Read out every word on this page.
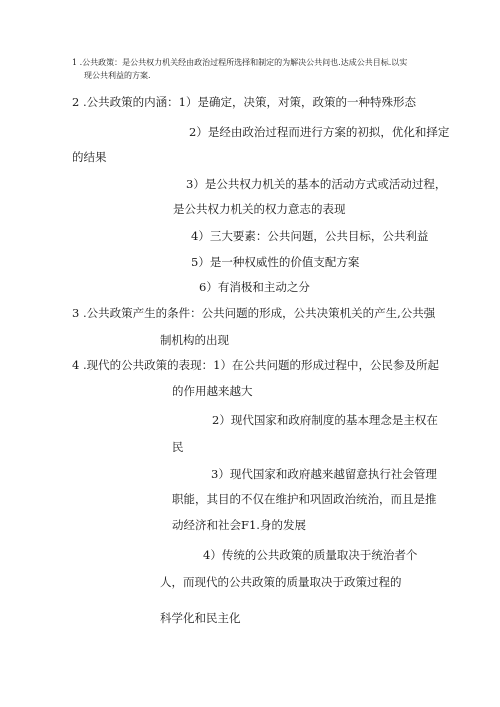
1 .公共政策：是公共权力机关经由政治过程所选择和制定的为解决公共问也.达成公共目标.以实
现公共利益的方案.
2 .公共政策的内涵：1）是确定，决策，对策，政策的一种特殊形态
2）是经由政治过程而进行方案的初拟，优化和择定
的结果
3）是公共权力机关的基本的活动方式或活动过程，
是公共权力机关的权力意志的表现
4）三大要素：公共问题，公共目标，公共利益
5）是一种权威性的价值支配方案
6）有消极和主动之分
3 .公共政策产生的条件：公共问题的形成，公共决策机关的产生,公共强
制机构的出现
4 .现代的公共政策的表现：1）在公共问题的形成过程中，公民参及所起
的作用越来越大
2）现代国家和政府制度的基本理念是主权在
民
3）现代国家和政府越来越留意执行社会管理
职能，其目的不仅在维护和巩固政治统治，而且是推
动经济和社会F1.身的发展
4）传统的公共政策的质量取决于统治者个
人，而现代的公共政策的质量取决于政策过程的
科学化和民主化
